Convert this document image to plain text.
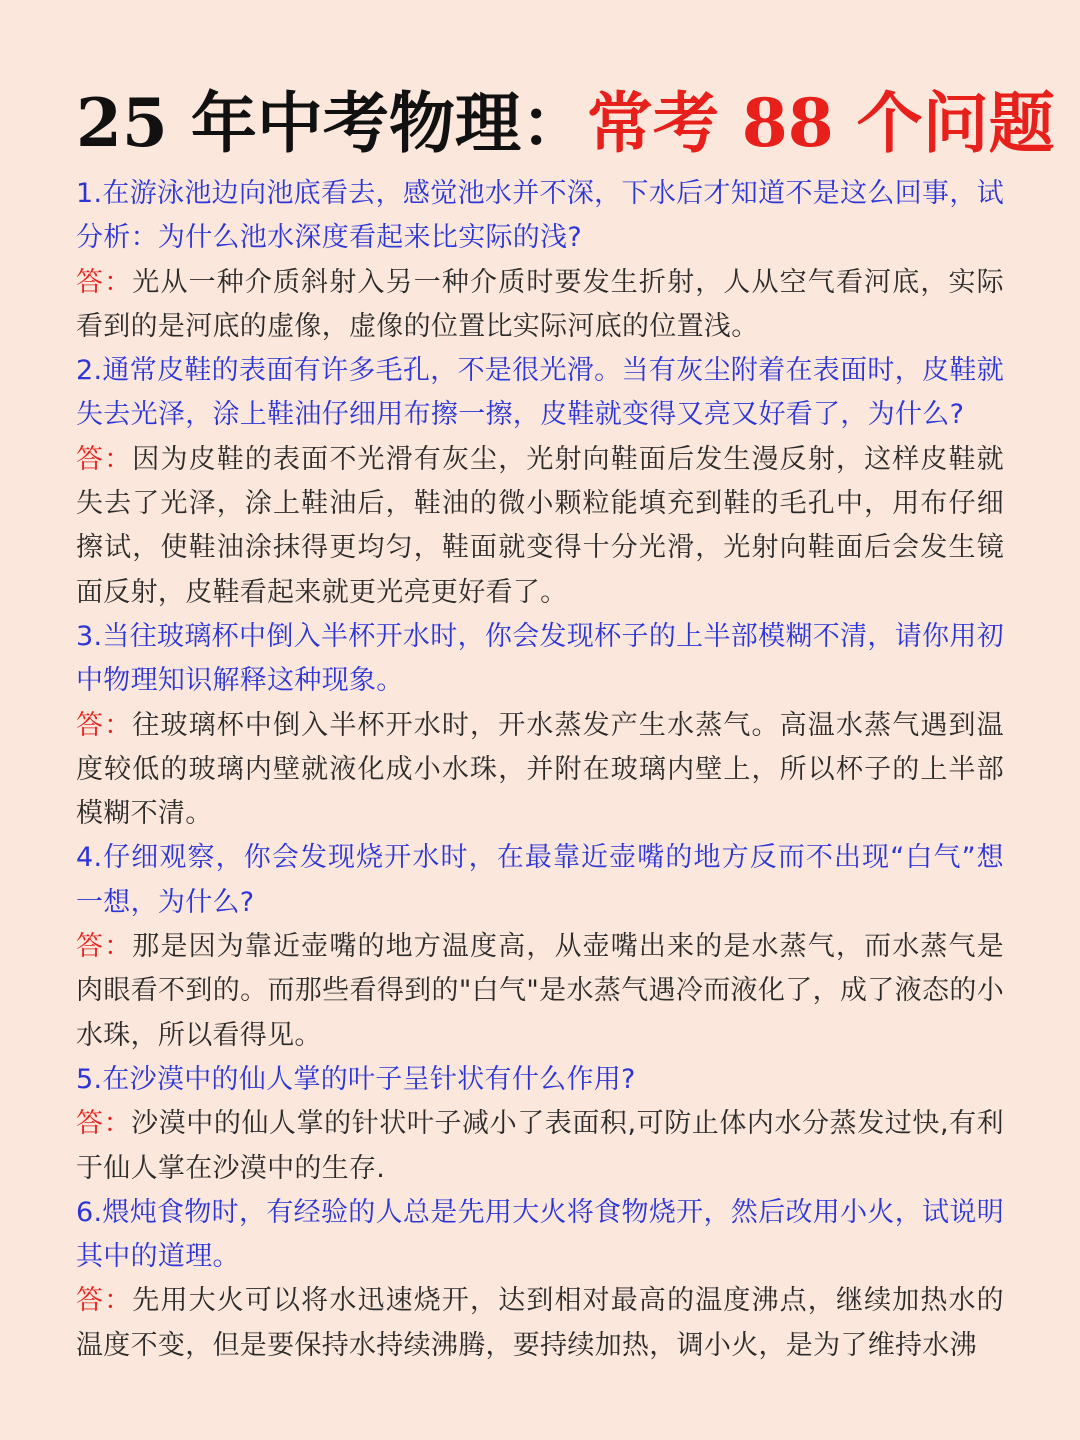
25 年中考物理：常考 88 个问题

1.在游泳池边向池底看去，感觉池水并不深，下水后才知道不是这么回事，试分析：为什么池水深度看起来比实际的浅?

答：光从一种介质斜射入另一种介质时要发生折射，人从空气看河底，实际看到的是河底的虚像，虚像的位置比实际河底的位置浅。

2.通常皮鞋的表面有许多毛孔，不是很光滑。当有灰尘附着在表面时，皮鞋就失去光泽，涂上鞋油仔细用布擦一擦，皮鞋就变得又亮又好看了，为什么?

答：因为皮鞋的表面不光滑有灰尘，光射向鞋面后发生漫反射，这样皮鞋就失去了光泽，涂上鞋油后，鞋油的微小颗粒能填充到鞋的毛孔中，用布仔细擦试，使鞋油涂抹得更均匀，鞋面就变得十分光滑，光射向鞋面后会发生镜面反射，皮鞋看起来就更光亮更好看了。

3.当往玻璃杯中倒入半杯开水时，你会发现杯子的上半部模糊不清，请你用初中物理知识解释这种现象。

答：往玻璃杯中倒入半杯开水时，开水蒸发产生水蒸气。高温水蒸气遇到温度较低的玻璃内壁就液化成小水珠，并附在玻璃内壁上，所以杯子的上半部模糊不清。

4.仔细观察，你会发现烧开水时，在最靠近壶嘴的地方反而不出现“白气”想一想，为什么?

答：那是因为靠近壶嘴的地方温度高，从壶嘴出来的是水蒸气，而水蒸气是肉眼看不到的。而那些看得到的"白气"是水蒸气遇冷而液化了，成了液态的小水珠，所以看得见。

5.在沙漠中的仙人掌的叶子呈针状有什么作用?

答：沙漠中的仙人掌的针状叶子减小了表面积,可防止体内水分蒸发过快,有利于仙人掌在沙漠中的生存.

6.煨炖食物时，有经验的人总是先用大火将食物烧开，然后改用小火，试说明其中的道理。

答：先用大火可以将水迅速烧开，达到相对最高的温度沸点，继续加热水的温度不变，但是要保持水持续沸腾，要持续加热，调小火，是为了维持水沸
